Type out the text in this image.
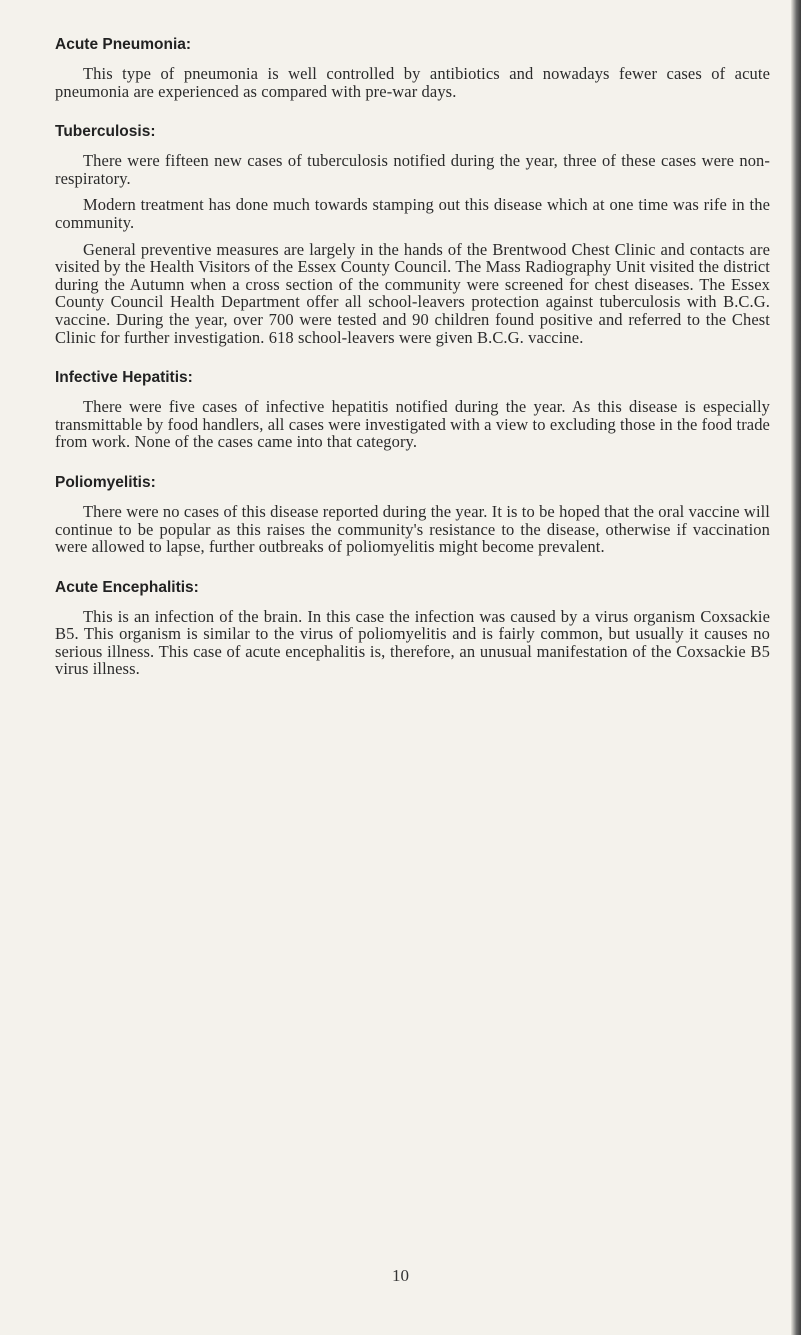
Acute Pneumonia:

This type of pneumonia is well controlled by antibiotics and nowadays fewer cases of acute pneumonia are experienced as compared with pre-war days.

Tuberculosis:

There were fifteen new cases of tuberculosis notified during the year, three of these cases were non-respiratory.

Modern treatment has done much towards stamping out this disease which at one time was rife in the community.

General preventive measures are largely in the hands of the Brentwood Chest Clinic and contacts are visited by the Health Visitors of the Essex County Council. The Mass Radiography Unit visited the district during the Autumn when a cross section of the community were screened for chest diseases. The Essex County Council Health Department offer all school-leavers protection against tuberculosis with B.C.G. vaccine. During the year, over 700 were tested and 90 children found positive and referred to the Chest Clinic for further investigation. 618 school-leavers were given B.C.G. vaccine.

Infective Hepatitis:

There were five cases of infective hepatitis notified during the year. As this disease is especially transmittable by food handlers, all cases were investigated with a view to excluding those in the food trade from work. None of the cases came into that category.

Poliomyelitis:

There were no cases of this disease reported during the year. It is to be hoped that the oral vaccine will continue to be popular as this raises the community's resistance to the disease, otherwise if vaccination were allowed to lapse, further outbreaks of poliomyelitis might become prevalent.

Acute Encephalitis:

This is an infection of the brain. In this case the infection was caused by a virus organism Coxsackie B5. This organism is similar to the virus of poliomyelitis and is fairly common, but usually it causes no serious illness. This case of acute encephalitis is, therefore, an unusual manifestation of the Coxsackie B5 virus illness.

10
